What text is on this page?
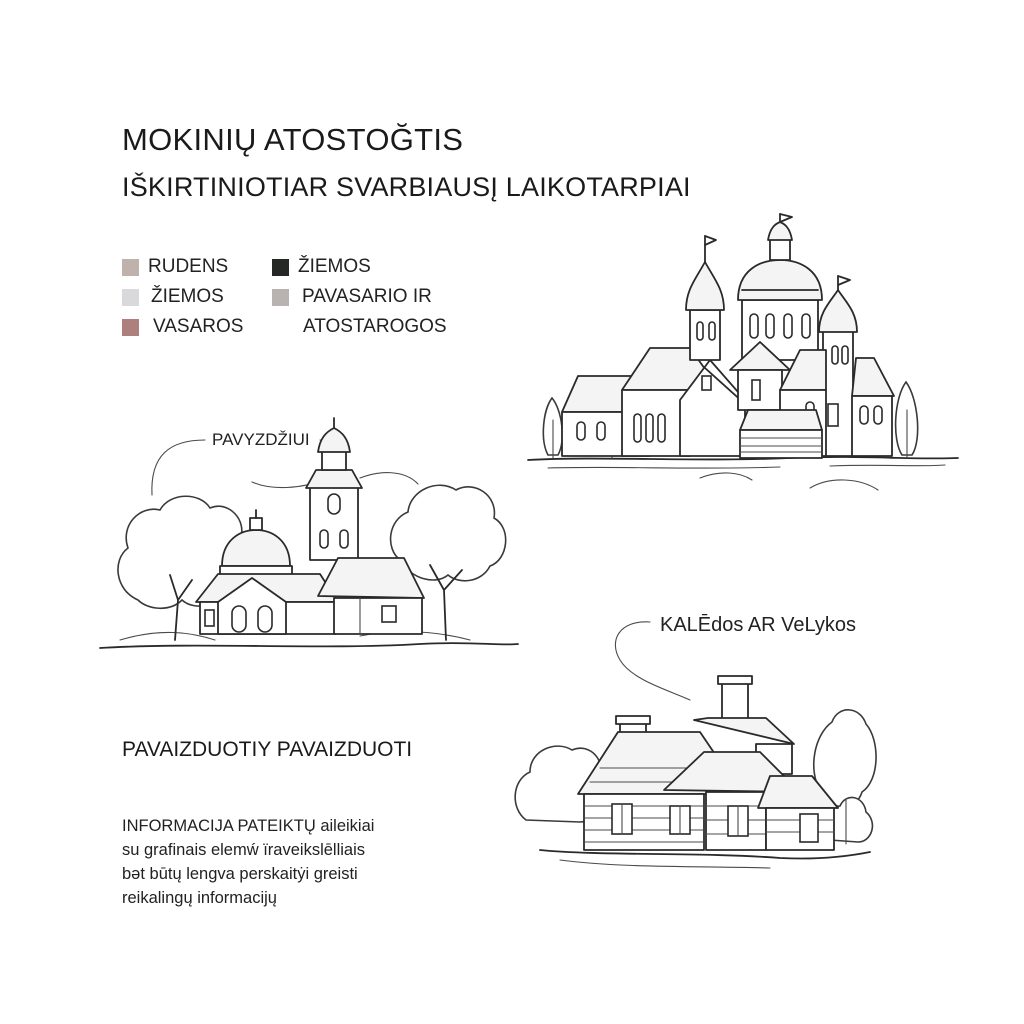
MOKINIŲ ATOSTOĞTIS
IŠKIRTINIOTIAR SVARBIAUSĮ LAIKOTARPIAI
RUDENS
ŽIEMOS
VASAROS
ŽIEMOS
PAVASARIO IR
ATOSTAROGOS
PAVYZDŽIUI
KALĒdos AR VeLykos
PAVAIZDUOTIY PAVAIZDUOTI
INFORMACIJA PATEIKTŲ aileikiai
su grafinais elemẃ ïraveikslēlliais
bǝt būtų lengva perskaitẏi greisti
reikalingų informacijų
